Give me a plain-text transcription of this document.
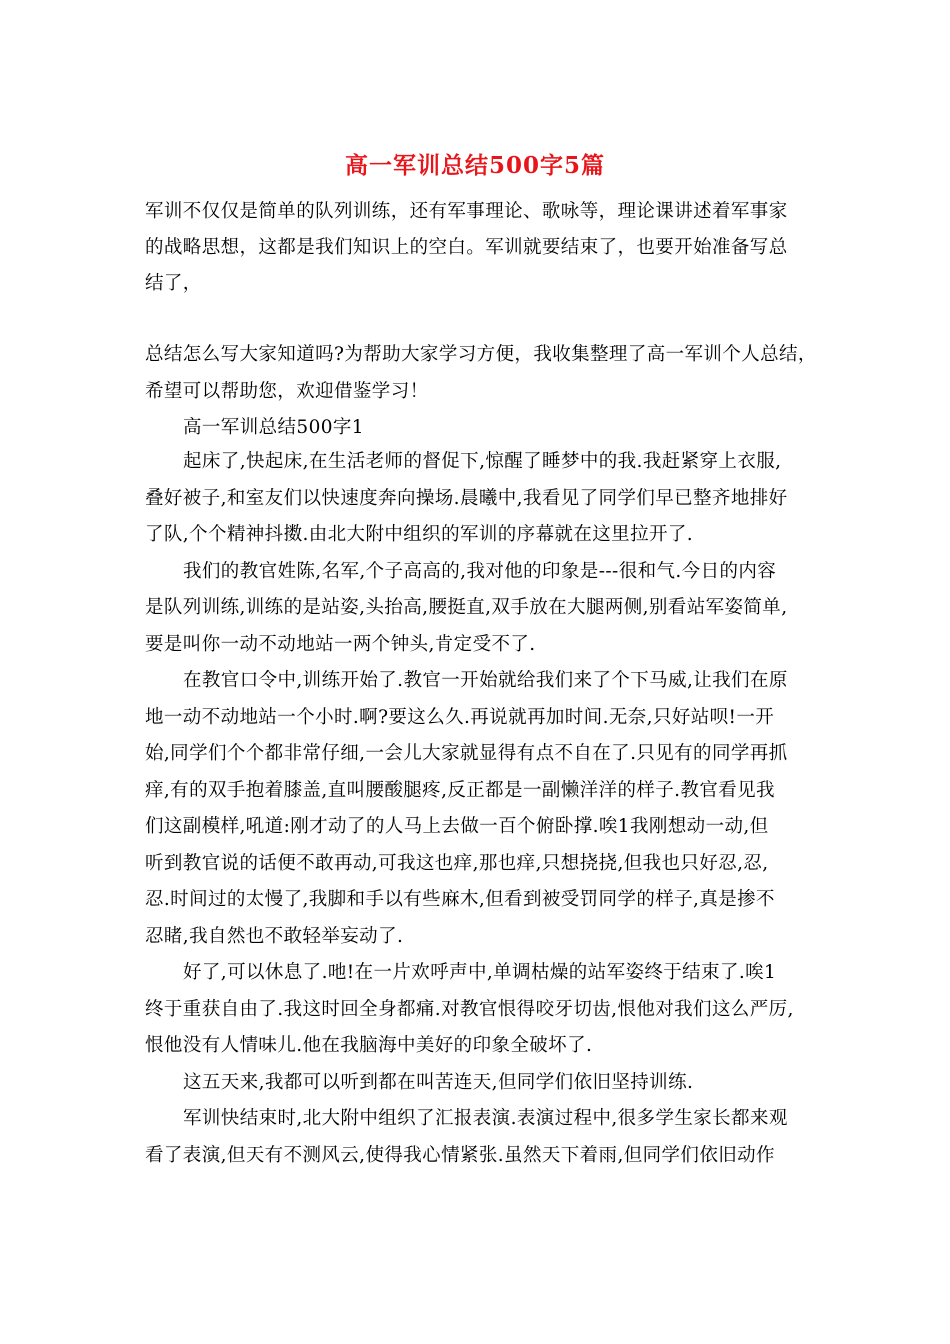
高一军训总结500字5篇
军训不仅仅是简单的队列训练，还有军事理论、歌咏等，理论课讲述着军事家
的战略思想，这都是我们知识上的空白。军训就要结束了，也要开始准备写总
结了，
总结怎么写大家知道吗?为帮助大家学习方便，我收集整理了高一军训个人总结，
希望可以帮助您，欢迎借鉴学习！
高一军训总结500字1
起床了,快起床,在生活老师的督促下,惊醒了睡梦中的我.我赶紧穿上衣服,
叠好被子,和室友们以快速度奔向操场.晨曦中,我看见了同学们早已整齐地排好
了队,个个精神抖擞.由北大附中组织的军训的序幕就在这里拉开了.
我们的教官姓陈,名军,个子高高的,我对他的印象是---很和气.今日的内容
是队列训练,训练的是站姿,头抬高,腰挺直,双手放在大腿两侧,别看站军姿简单,
要是叫你一动不动地站一两个钟头,肯定受不了.
在教官口令中,训练开始了.教官一开始就给我们来了个下马威,让我们在原
地一动不动地站一个小时.啊?要这么久.再说就再加时间.无奈,只好站呗!一开
始,同学们个个都非常仔细,一会儿大家就显得有点不自在了.只见有的同学再抓
痒,有的双手抱着膝盖,直叫腰酸腿疼,反正都是一副懒洋洋的样子.教官看见我
们这副模样,吼道:刚才动了的人马上去做一百个俯卧撑.唉1我刚想动一动,但
听到教官说的话便不敢再动,可我这也痒,那也痒,只想挠挠,但我也只好忍,忍,
忍.时间过的太慢了,我脚和手以有些麻木,但看到被受罚同学的样子,真是掺不
忍睹,我自然也不敢轻举妄动了.
好了,可以休息了.吔!在一片欢呼声中,单调枯燥的站军姿终于结束了.唉1
终于重获自由了.我这时回全身都痛.对教官恨得咬牙切齿,恨他对我们这么严厉,
恨他没有人情味儿.他在我脑海中美好的印象全破坏了.
这五天来,我都可以听到都在叫苦连天,但同学们依旧坚持训练.
军训快结束时,北大附中组织了汇报表演.表演过程中,很多学生家长都来观
看了表演,但天有不测风云,使得我心情紧张.虽然天下着雨,但同学们依旧动作
